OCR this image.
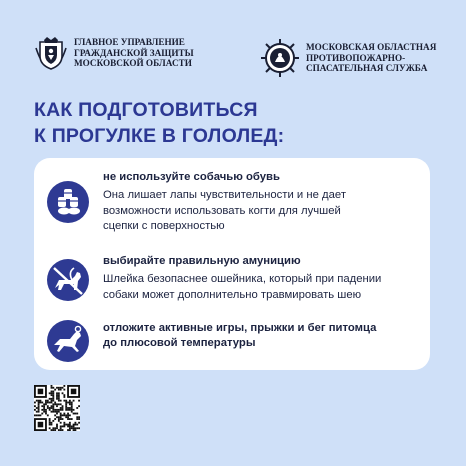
ГЛАВНОЕ УПРАВЛЕНИЕ
ГРАЖДАНСКОЙ ЗАЩИТЫ
МОСКОВСКОЙ ОБЛАСТИ
МОСКОВСКАЯ ОБЛАСТНАЯ
ПРОТИВОПОЖАРНО-
СПАСАТЕЛЬНАЯ СЛУЖБА
КАК ПОДГОТОВИТЬСЯ
К ПРОГУЛКЕ В ГОЛОЛЕД:
не используйте собачью обувь
Она лишает лапы чувствительности и не дает
возможности использовать когти для лучшей
сцепки с поверхностью
выбирайте правильную амуницию
Шлейка безопаснее ошейника, который при падении
собаки может дополнительно травмировать шею
отложите активные игры, прыжки и бег питомца
до плюсовой температуры
